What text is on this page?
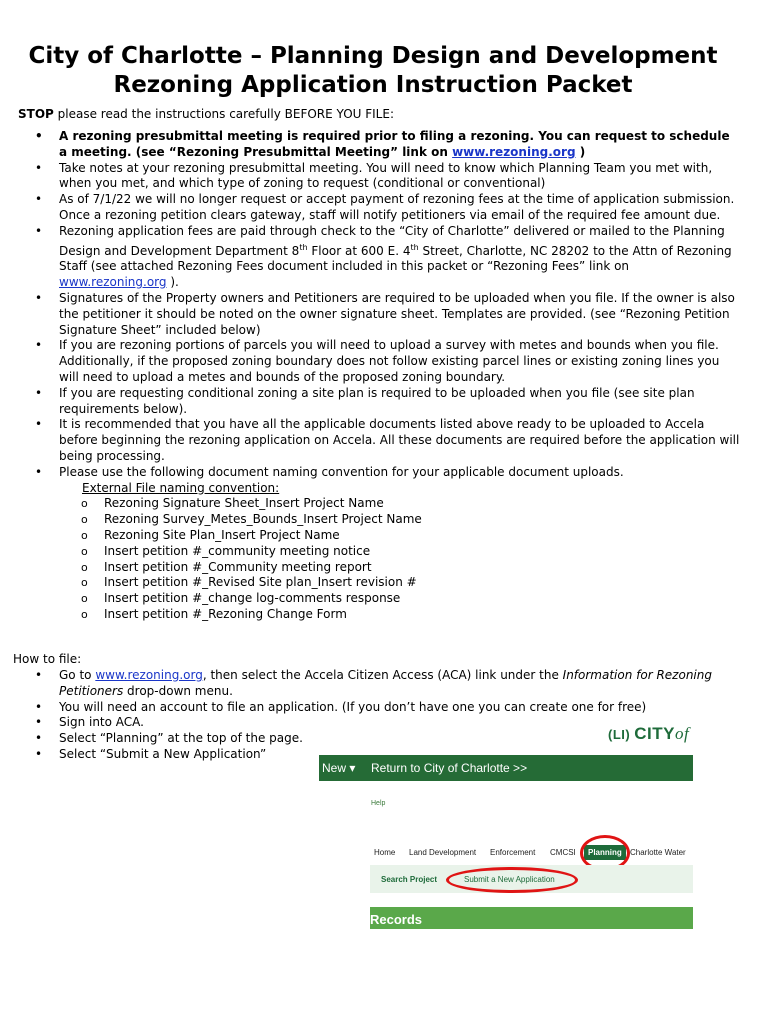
City of Charlotte – Planning Design and Development
Rezoning Application Instruction Packet
STOP please read the instructions carefully BEFORE YOU FILE:
• A rezoning presubmittal meeting is required prior to filing a rezoning. You can request to schedule a meeting. (see “Rezoning Presubmittal Meeting” link on www.rezoning.org )
• Take notes at your rezoning presubmittal meeting. You will need to know which Planning Team you met with, when you met, and which type of zoning to request (conditional or conventional)
• As of 7/1/22 we will no longer request or accept payment of rezoning fees at the time of application submission. Once a rezoning petition clears gateway, staff will notify petitioners via email of the required fee amount due.
• Rezoning application fees are paid through check to the “City of Charlotte” delivered or mailed to the Planning Design and Development Department 8th Floor at 600 E. 4th Street, Charlotte, NC 28202 to the Attn of Rezoning Staff (see attached Rezoning Fees document included in this packet or “Rezoning Fees” link on www.rezoning.org ).
• Signatures of the Property owners and Petitioners are required to be uploaded when you file. If the owner is also the petitioner it should be noted on the owner signature sheet. Templates are provided. (see “Rezoning Petition Signature Sheet” included below)
• If you are rezoning portions of parcels you will need to upload a survey with metes and bounds when you file. Additionally, if the proposed zoning boundary does not follow existing parcel lines or existing zoning lines you will need to upload a metes and bounds of the proposed zoning boundary.
• If you are requesting conditional zoning a site plan is required to be uploaded when you file (see site plan requirements below).
• It is recommended that you have all the applicable documents listed above ready to be uploaded to Accela before beginning the rezoning application on Accela. All these documents are required before the application will being processing.
• Please use the following document naming convention for your applicable document uploads.
External File naming convention:
o Rezoning Signature Sheet_Insert Project Name
o Rezoning Survey_Metes_Bounds_Insert Project Name
o Rezoning Site Plan_Insert Project Name
o Insert petition #_community meeting notice
o Insert petition #_Community meeting report
o Insert petition #_Revised Site plan_Insert revision #
o Insert petition #_change log-comments response
o Insert petition #_Rezoning Change Form
How to file:
• Go to www.rezoning.org, then select the Accela Citizen Access (ACA) link under the Information for Rezoning Petitioners drop-down menu.
• You will need an account to file an application. (If you don’t have one you can create one for free)
• Sign into ACA.
• Select “Planning” at the top of the page.
• Select “Submit a New Application”
(LI) CITYof
New ▾ Return to City of Charlotte >>
Help
Home Land Development Enforcement CMCSI	Planning	Charlotte Water
Search Project	Submit a New Application
Records
